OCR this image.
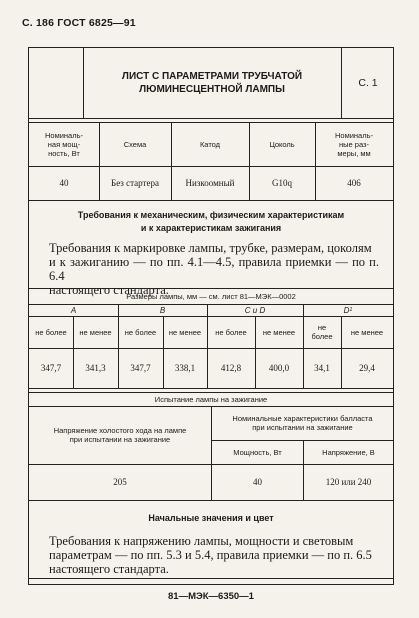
С. 186 ГОСТ 6825—91
ЛИСТ С ПАРАМЕТРАМИ ТРУБЧАТОЙ
ЛЮМИНЕСЦЕНТНОЙ ЛАМПЫ
С. 1
Номиналь-
ная мощ-
ность, Вт
Схема	Катод	Цоколь
Номиналь-
ные раз-
меры, мм
40	Без стартера	Низкоомный	G10q	406
Требования к механическим, физическим характеристикам
и к характеристикам зажигания
Требования к маркировке лампы, трубке, размерам, цоколям
и к зажиганию — по пп. 4.1—4.5, правила приемки — по п. 6.4
настоящего стандарта.
Размеры лампы, мм — см. лист 81—МЭК—0002
A	B	C и D	D 1
не более	не менее	не более	не менее	не более	не менее	не более	не менее
347,7	341,3	347,7	338,1	412,8	400,0	34,1	29,4
Испытание лампы на зажигание
Напряжение холостого хода на лампе
при испытании на зажигание
Номинальные характеристики балласта
при испытании на зажигание
Мощность, Вт	Напряжение, В
205	40	120 или 240
Начальные значения и цвет
Требования к напряжению лампы, мощности и световым
параметрам — по пп. 5.3 и 5.4, правила приемки — по п. 6.5
настоящего стандарта.
81—МЭК—6350—1
